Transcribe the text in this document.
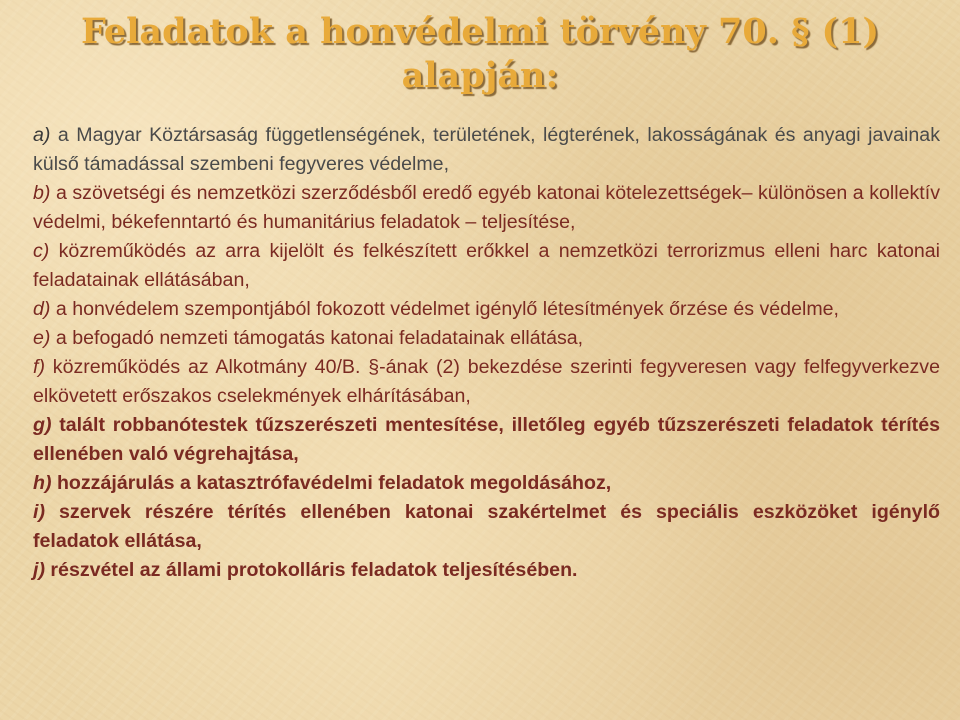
Feladatok a honvédelmi törvény 70. § (1)
alapján:

a) a Magyar Köztársaság függetlenségének, területének, légterének, lakosságának és anyagi javainak külső támadással szembeni fegyveres védelme,

b) a szövetségi és nemzetközi szerződésből eredő egyéb katonai kötelezettségek– különösen a kollektív védelmi, békefenntartó és humanitárius feladatok – teljesítése,

c) közreműködés az arra kijelölt és felkészített erőkkel a nemzetközi terrorizmus elleni harc katonai feladatainak ellátásában,

d) a honvédelem szempontjából fokozott védelmet igénylő létesítmények őrzése és védelme,

e) a befogadó nemzeti támogatás katonai feladatainak ellátása,

f) közreműködés az Alkotmány 40/B. §-ának (2) bekezdése szerinti fegyveresen vagy felfegyverkezve elkövetett erőszakos cselekmények elhárításában,

g) talált robbanótestek tűzszerészeti mentesítése, illetőleg egyéb tűzszerészeti feladatok térítés ellenében való végrehajtása,

h) hozzájárulás a katasztrófavédelmi feladatok megoldásához,

i) szervek részére térítés ellenében katonai szakértelmet és speciális eszközöket igénylő feladatok ellátása,

j) részvétel az állami protokolláris feladatok teljesítésében.
